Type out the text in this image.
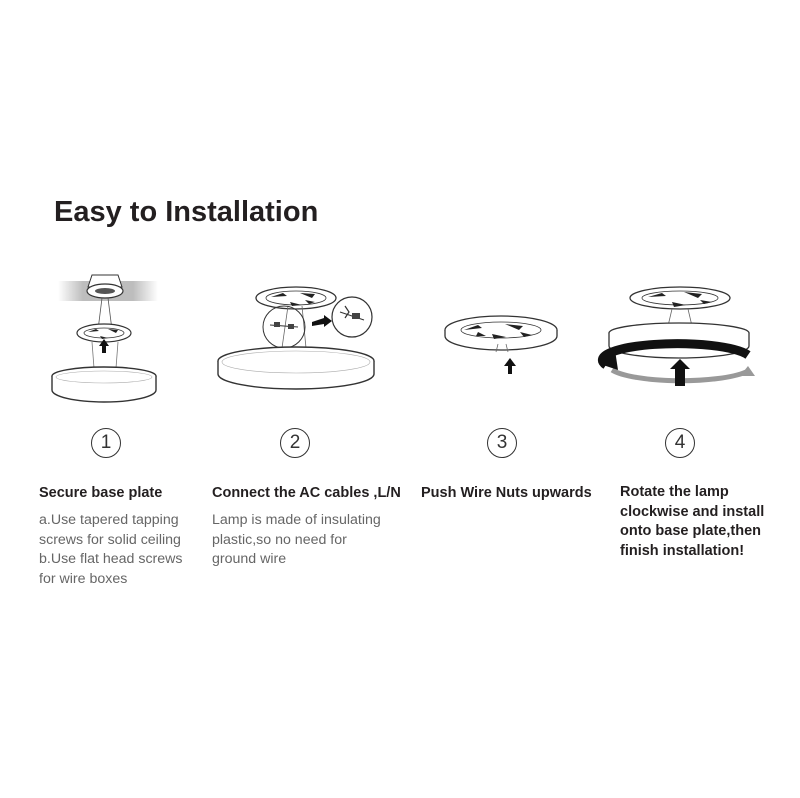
Easy to Installation
1	2	3	4
Secure base plate
a.Use tapered tapping
screws for solid ceiling
b.Use flat head screws
for wire boxes
Connect the AC cables ,L/N
Lamp is made of insulating
plastic,so no need for
ground wire
Push Wire Nuts upwards Rotate the lamp
clockwise and install
onto base plate,then
finish installation!
